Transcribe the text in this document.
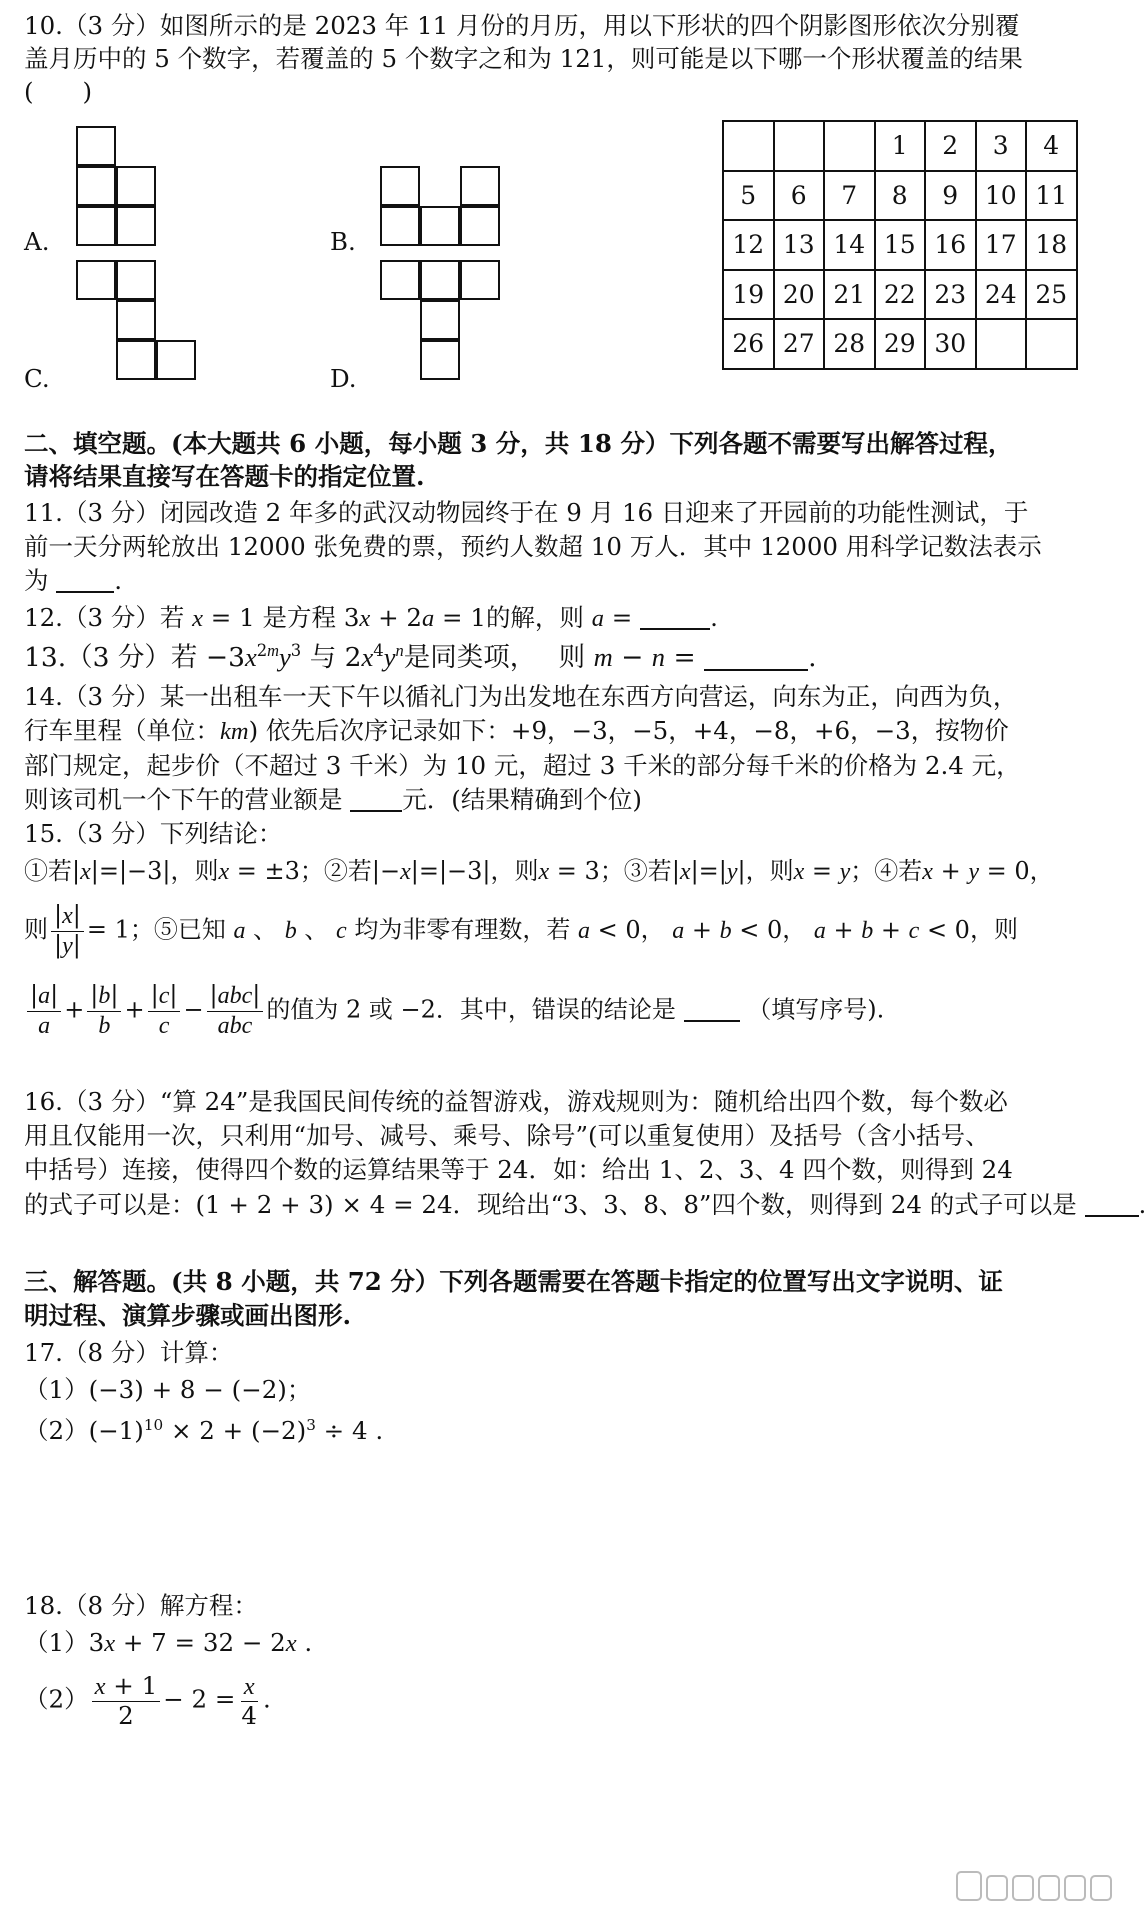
10.（3 分）如图所示的是 2023 年 11 月份的月历，用以下形状的四个阴影图形依次分别覆
盖月历中的 5 个数字，若覆盖的 5 个数字之和为 121，则可能是以下哪一个形状覆盖的结果
(　　)
A.	B.
C.	D.
			1	2	3	4
5	6	7	8	9	10	11
12	13	14	15	16	17	18
19	20	21	22	23	24	25
26	27	28	29	30		
二、填空题。(本大题共 6 小题，每小题 3 分，共 18 分）下列各题不需要写出解答过程，
请将结果直接写在答题卡的指定位置.
11.（3 分）闭园改造 2 年多的武汉动物园终于在 9 月 16 日迎来了开园前的功能性测试，于
前一天分两轮放出 12000 张免费的票，预约人数超 10 万人．其中 12000 用科学记数法表示
为	.
12.（3 分）若 x = 1 是方程 3x + 2a = 1的解，则 a =	.
13.（3 分）若 $-3x^{2m}y^3$ 与 $2x^4y^n$是同类项， 则 m − n =	.
14.（3 分）某一出租车一天下午以循礼门为出发地在东西方向营运，向东为正，向西为负，
行车里程（单位：km) 依先后次序记录如下：+9，−3，−5，+4，−8，+6，−3，按物价
部门规定，起步价（不超过 3 千米）为 10 元，超过 3 千米的部分每千米的价格为 2.4 元，
则该司机一个下午的营业额是 元．(结果精确到个位)
15.（3 分）下列结论：
①若|x|=|−3|，则x = ±3；②若|−x|=|−3|，则x = 3；③若|x|=|y|，则x = y；④若x + y = 0，
则 $\frac{|x|}{|y|} = 1$；⑤已知 a 、 b 、 c 均为非零有理数，若 a < 0， a + b < 0， a + b + c < 0，则
$\frac{|a|}{a} + \frac{|b|}{b} + \frac{|c|}{c} - \frac{\text{|abc|}}{\text{abc}}$ 的值为 2 或 −2．其中，错误的结论是	（填写序号).
16.（3 分）“算 24”是我国民间传统的益智游戏，游戏规则为：随机给出四个数，每个数必
用且仅能用一次，只利用“加号、减号、乘号、除号”(可以重复使用）及括号（含小括号、
中括号）连接，使得四个数的运算结果等于 24．如：给出 1、2、3、4 四个数，则得到 24
的式子可以是：(1 + 2 + 3) × 4 = 24．现给出“3、3、8、8”四个数，则得到 24 的式子可以是	.
三、解答题。(共 8 小题，共 72 分）下列各题需要在答题卡指定的位置写出文字说明、证
明过程、演算步骤或画出图形.
17.（8 分）计算：
（1）(−3) + 8 − (−2)；
$(2)(-1)^{10} \times 2 + (-2)^3 \div 4$ .
18.（8 分）解方程：
（1）3x + 7 = 32 − 2x .
$(2) \frac{x + 1}{2} - 2 = \frac{x}{4}$ .
